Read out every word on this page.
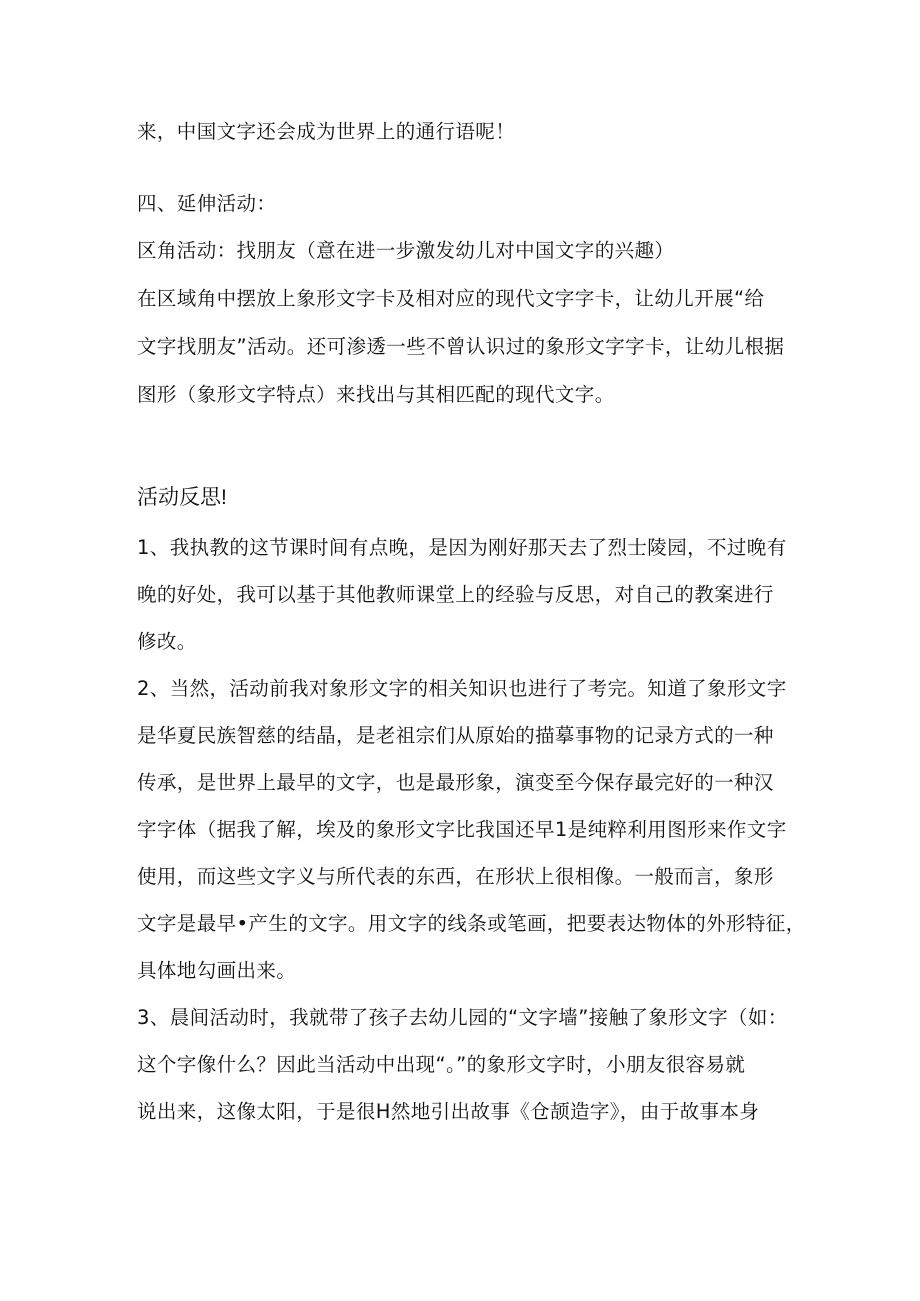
来，中国文字还会成为世界上的通行语呢！
四、延伸活动：
区角活动：找朋友（意在进一步激发幼儿对中国文字的兴趣）
在区域角中摆放上象形文字卡及相对应的现代文字字卡，让幼儿开展“给
文字找朋友”活动。还可渗透一些不曾认识过的象形文字字卡，让幼儿根据
图形（象形文字特点）来找出与其相匹配的现代文字。
活动反思!
1、我执教的这节课时间有点晚，是因为刚好那天去了烈士陵园，不过晚有
晚的好处，我可以基于其他教师课堂上的经验与反思，对自己的教案进行
修改。
2、当然，活动前我对象形文字的相关知识也进行了考完。知道了象形文字
是华夏民族智慈的结晶，是老祖宗们从原始的描摹事物的记录方式的一种
传承，是世界上最早的文字，也是最形象，演变至今保存最完好的一种汉
字字体（据我了解，埃及的象形文字比我国还早1是纯粹利用图形来作文字
使用，而这些文字义与所代表的东西，在形状上很相像。一般而言，象形
文字是最早•产生的文字。用文字的线条或笔画，把要表达物体的外形特征，
具体地勾画出来。
3、晨间活动时，我就带了孩子去幼儿园的“文字墙”接触了象形文字（如：
这个字像什么？因此当活动中出现“。”的象形文字时，小朋友很容易就
说出来，这像太阳，于是很H然地引出故事《仓颉造字》，由于故事本身
